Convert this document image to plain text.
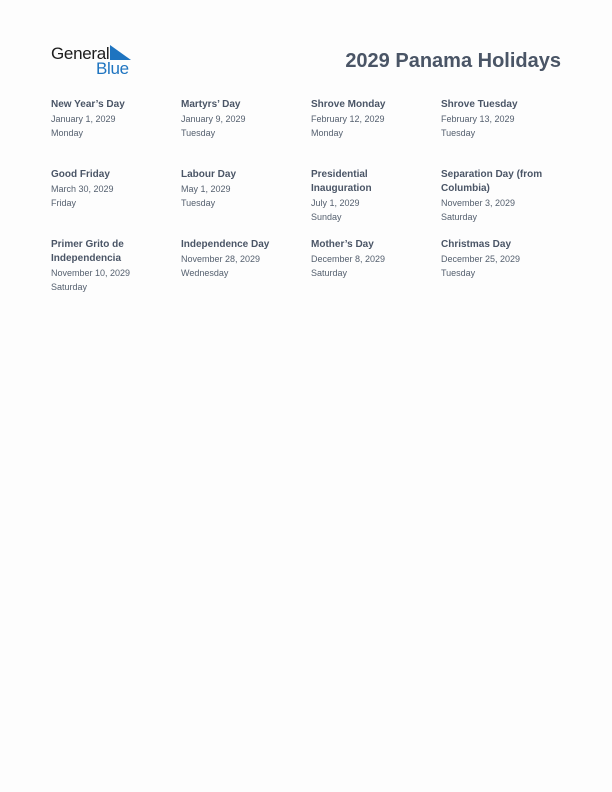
General
Blue	2029 Panama Holidays
New Year’s Day
January 1, 2029
Monday
Martyrs’ Day
January 9, 2029
Tuesday
Shrove Monday
February 12, 2029
Monday
Shrove Tuesday
February 13, 2029
Tuesday
Good Friday
March 30, 2029
Friday
Labour Day
May 1, 2029
Tuesday
Presidential Inauguration
July 1, 2029
Sunday
Separation Day (from Columbia)
November 3, 2029
Saturday
Primer Grito de Independencia
November 10, 2029
Saturday
Independence Day
November 28, 2029
Wednesday
Mother’s Day
December 8, 2029
Saturday
Christmas Day
December 25, 2029
Tuesday
